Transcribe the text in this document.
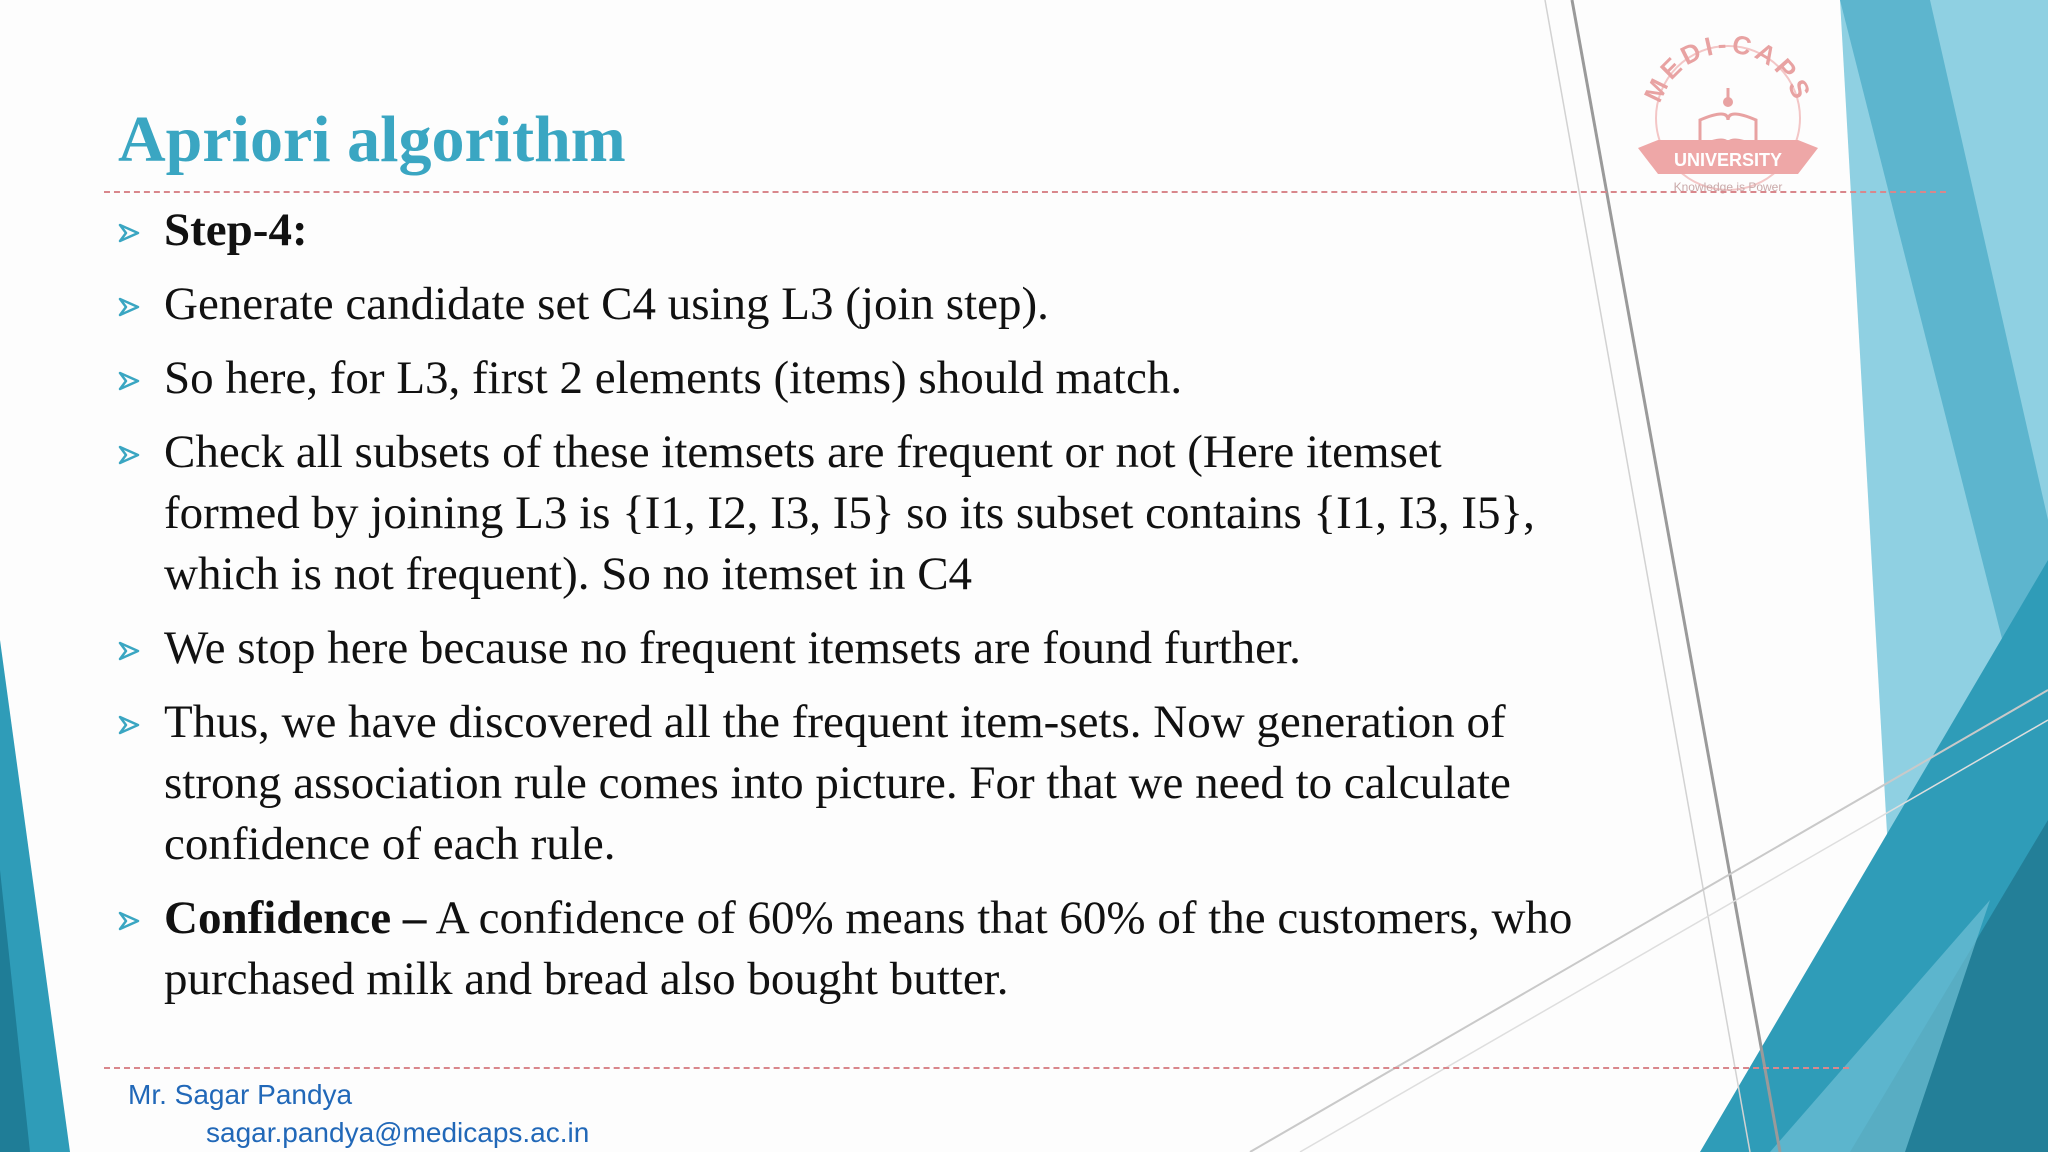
MEDI-CAPS
UNIVERSITY
Knowledge is Power
Apriori algorithm
Step-4:
Generate candidate set C4 using L3 (join step).
So here, for L3, first 2 elements (items) should match.
Check all subsets of these itemsets are frequent or not (Here itemset formed by joining L3 is {I1, I2, I3, I5} so its subset contains {I1, I3, I5}, which is not frequent). So no itemset in C4
We stop here because no frequent itemsets are found further.
Thus, we have discovered all the frequent item-sets. Now generation of strong association rule comes into picture. For that we need to calculate confidence of each rule.
Confidence – A confidence of 60% means that 60% of the customers, who purchased milk and bread also bought butter.
Mr. Sagar Pandya
sagar.pandya@medicaps.ac.in
